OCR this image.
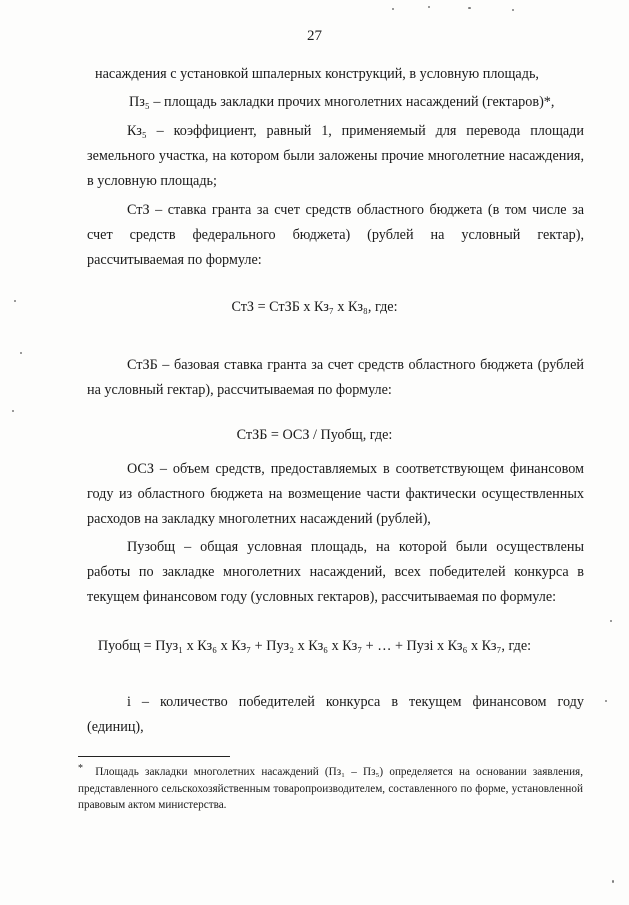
27
насаждения с установкой шпалерных конструкций, в условную площадь,
Пз₅ – площадь закладки прочих многолетних насаждений (гектаров)*,
Кз₅ – коэффициент, равный 1, применяемый для перевода площади земельного участка, на котором были заложены прочие многолетние насаждения, в условную площадь;
СтЗ – ставка гранта за счет средств областного бюджета (в том числе за счет средств федерального бюджета) (рублей на условный гектар), рассчитываемая по формуле:
СтЗ = СтЗБ х Кз₇ х Кз₈, где:
СтЗБ – базовая ставка гранта за счет средств областного бюджета (рублей на условный гектар), рассчитываемая по формуле:
СтЗБ = ОСЗ / Пуобщ, где:
ОСЗ – объем средств, предоставляемых в соответствующем финансовом году из областного бюджета на возмещение части фактически осуществленных расходов на закладку многолетних насаждений (рублей),
Пузобщ – общая условная площадь, на которой были осуществлены работы по закладке многолетних насаждений, всех победителей конкурса в текущем финансовом году (условных гектаров), рассчитываемая по формуле:
Пуобщ = Пуз₁ х Кз₆ х Кз₇ + Пуз₂ х Кз₆ х Кз₇ + … + Пузi х Кз₆ х Кз₇, где:
i – количество победителей конкурса в текущем финансовом году (единиц),
* Площадь закладки многолетних насаждений (Пз₁ – Пз₅) определяется на основании заявления, представленного сельскохозяйственным товаропроизводителем, составленного по форме, установленной правовым актом министерства.
